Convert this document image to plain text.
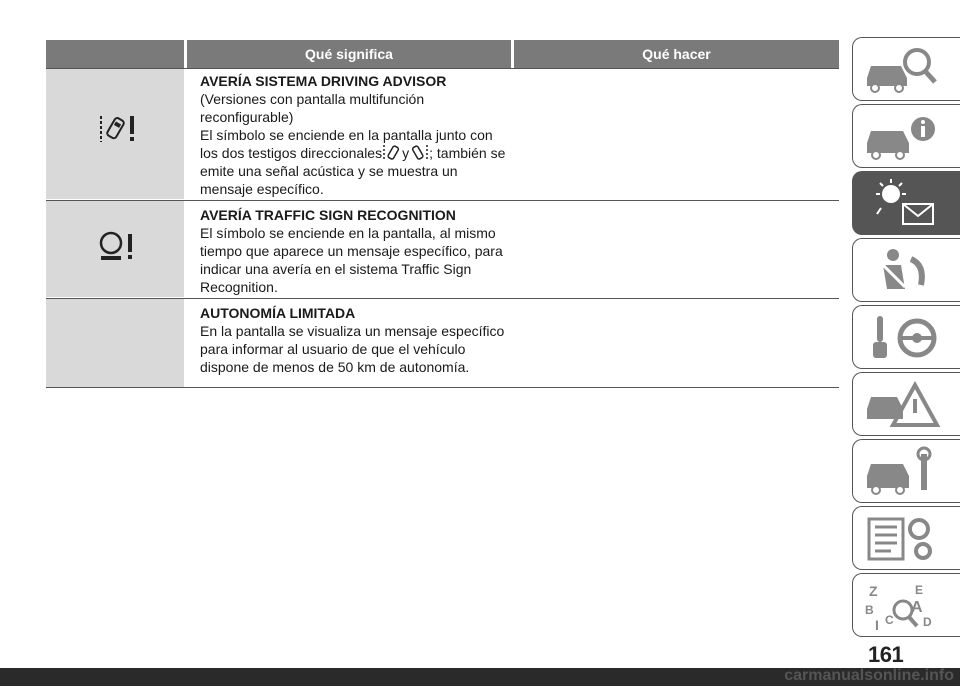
Qué significa	Qué hacer

AVERÍA SISTEMA DRIVING ADVISOR

(Versiones con pantalla multifunción

reconfigurable)

El símbolo se enciende en la pantalla junto con

los dos testigos direccionales y ; también se

emite una señal acústica y se muestra un

mensaje específico.

AVERÍA TRAFFIC SIGN RECOGNITION

El símbolo se enciende en la pantalla, al mismo

tiempo que aparece un mensaje específico, para

indicar una avería en el sistema Traffic Sign

Recognition.

AUTONOMÍA LIMITADA

En la pantalla se visualiza un mensaje específico

para informar al usuario de que el vehículo

dispone de menos de 50 km de autonomía.

Z	E
B A
D
I C
161
carmanualsonline.info
